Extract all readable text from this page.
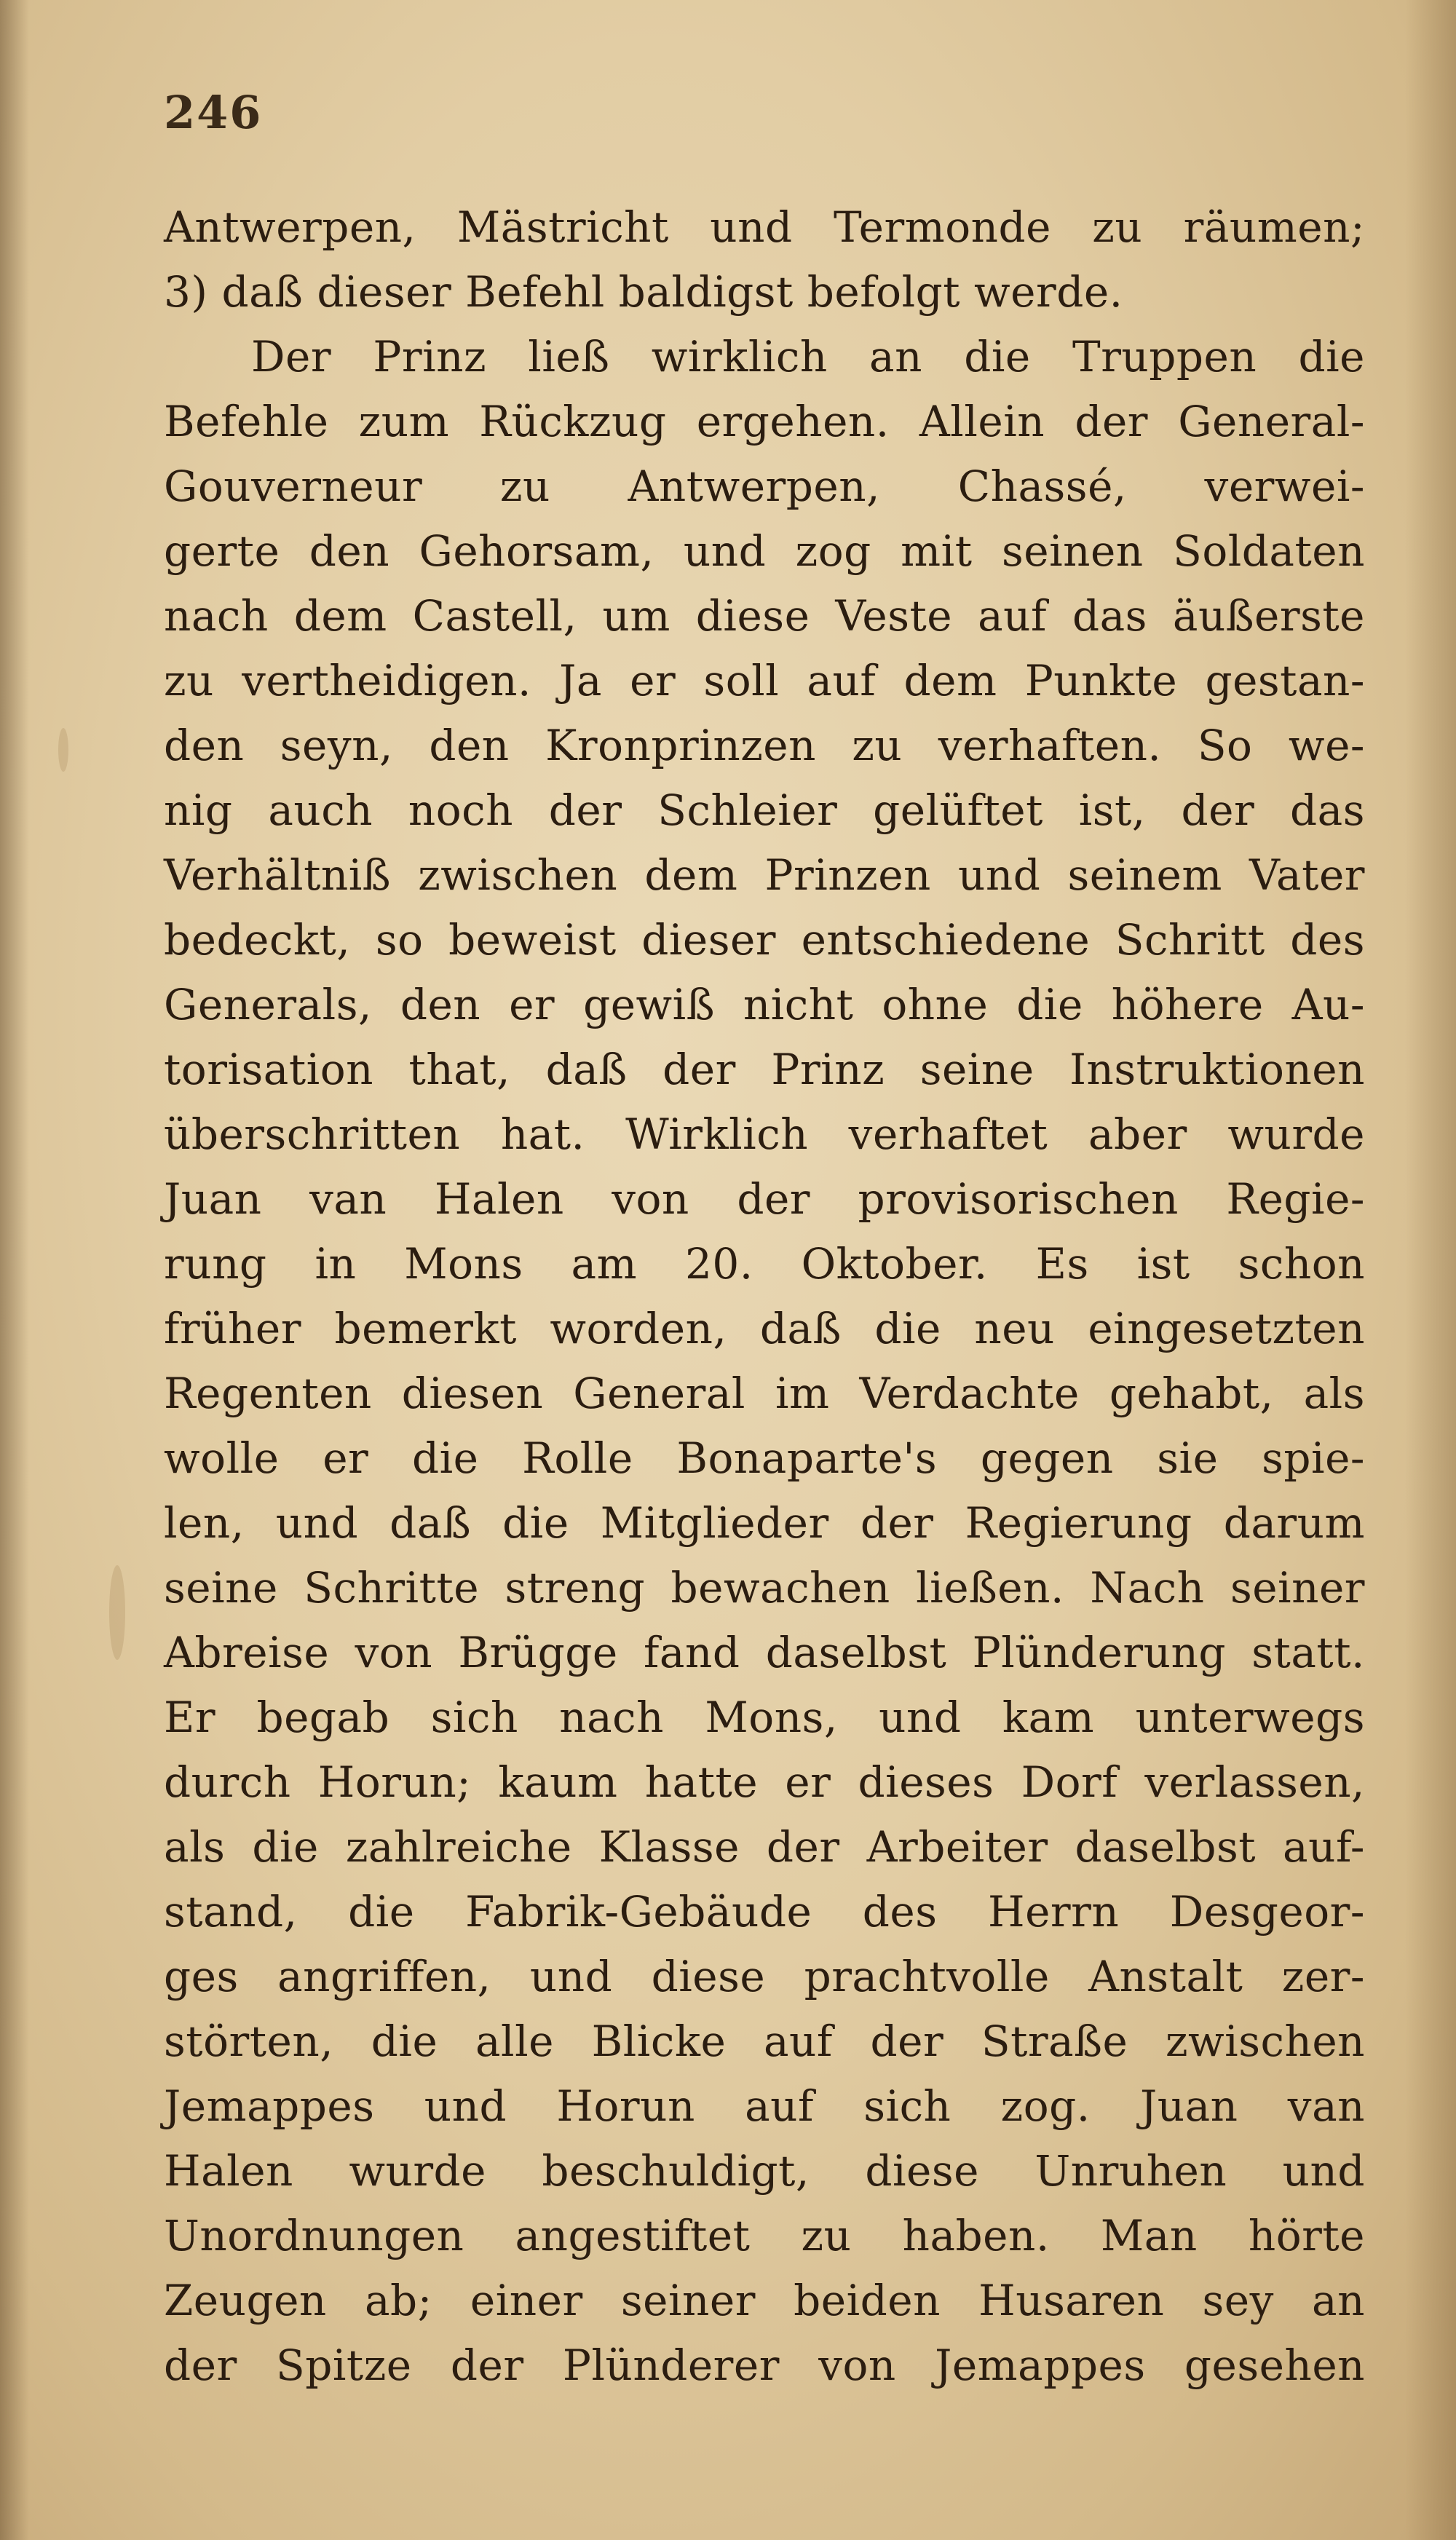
246
Antwerpen, Mästricht und Termonde zu räumen;
3) daß dieser Befehl baldigst befolgt werde.
Der Prinz ließ wirklich an die Truppen die
Befehle zum Rückzug ergehen. Allein der General-
Gouverneur zu Antwerpen, Chassé, verwei-
gerte den Gehorsam, und zog mit seinen Soldaten
nach dem Castell, um diese Veste auf das äußerste
zu vertheidigen. Ja er soll auf dem Punkte gestan-
den seyn, den Kronprinzen zu verhaften. So we-
nig auch noch der Schleier gelüftet ist, der das
Verhältniß zwischen dem Prinzen und seinem Vater
bedeckt, so beweist dieser entschiedene Schritt des
Generals, den er gewiß nicht ohne die höhere Au-
torisation that, daß der Prinz seine Instruktionen
überschritten hat. Wirklich verhaftet aber wurde
Juan van Halen von der provisorischen Regie-
rung in Mons am 20. Oktober. Es ist schon
früher bemerkt worden, daß die neu eingesetzten
Regenten diesen General im Verdachte gehabt, als
wolle er die Rolle Bonaparte's gegen sie spie-
len, und daß die Mitglieder der Regierung darum
seine Schritte streng bewachen ließen. Nach seiner
Abreise von Brügge fand daselbst Plünderung statt.
Er begab sich nach Mons, und kam unterwegs
durch Horun; kaum hatte er dieses Dorf verlassen,
als die zahlreiche Klasse der Arbeiter daselbst auf-
stand, die Fabrik-Gebäude des Herrn Desgeor-
ges angriffen, und diese prachtvolle Anstalt zer-
störten, die alle Blicke auf der Straße zwischen
Jemappes und Horun auf sich zog. Juan van
Halen wurde beschuldigt, diese Unruhen und
Unordnungen angestiftet zu haben. Man hörte
Zeugen ab; einer seiner beiden Husaren sey an
der Spitze der Plünderer von Jemappes gesehen
